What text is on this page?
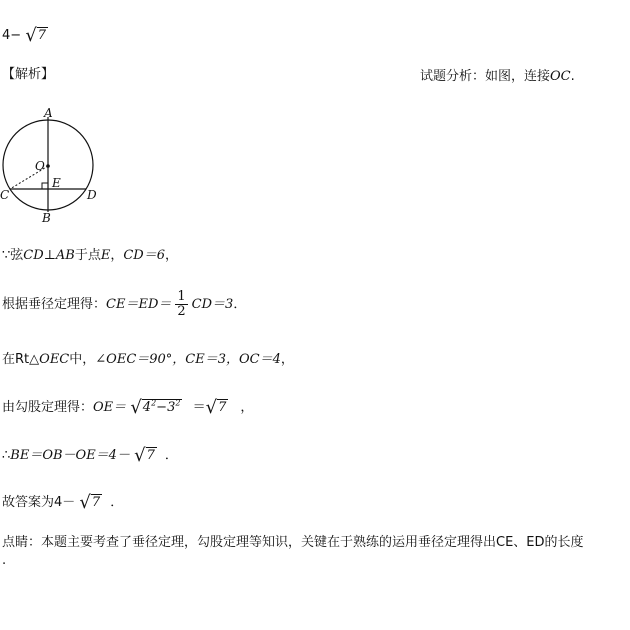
4− √7
【解析】	试题分析：如图，连接OC.
A
O
E
C	D
B
∵弦CD⊥AB于点E，CD＝6，
根据垂径定理得：$CE=ED= \frac{1}{2} CD=3$．
在Rt△OEC中，∠OEC＝90°，CE＝3，OC＝4，
由勾股定理得：$OE= √4^2-3^2 =√7$ ，
∴BE＝OB－OE＝4－ √7 ．
故答案为4－ √7 ．
点睛：本题主要考查了垂径定理，勾股定理等知识，关键在于熟练的运用垂径定理得出CE、ED的长度
.
